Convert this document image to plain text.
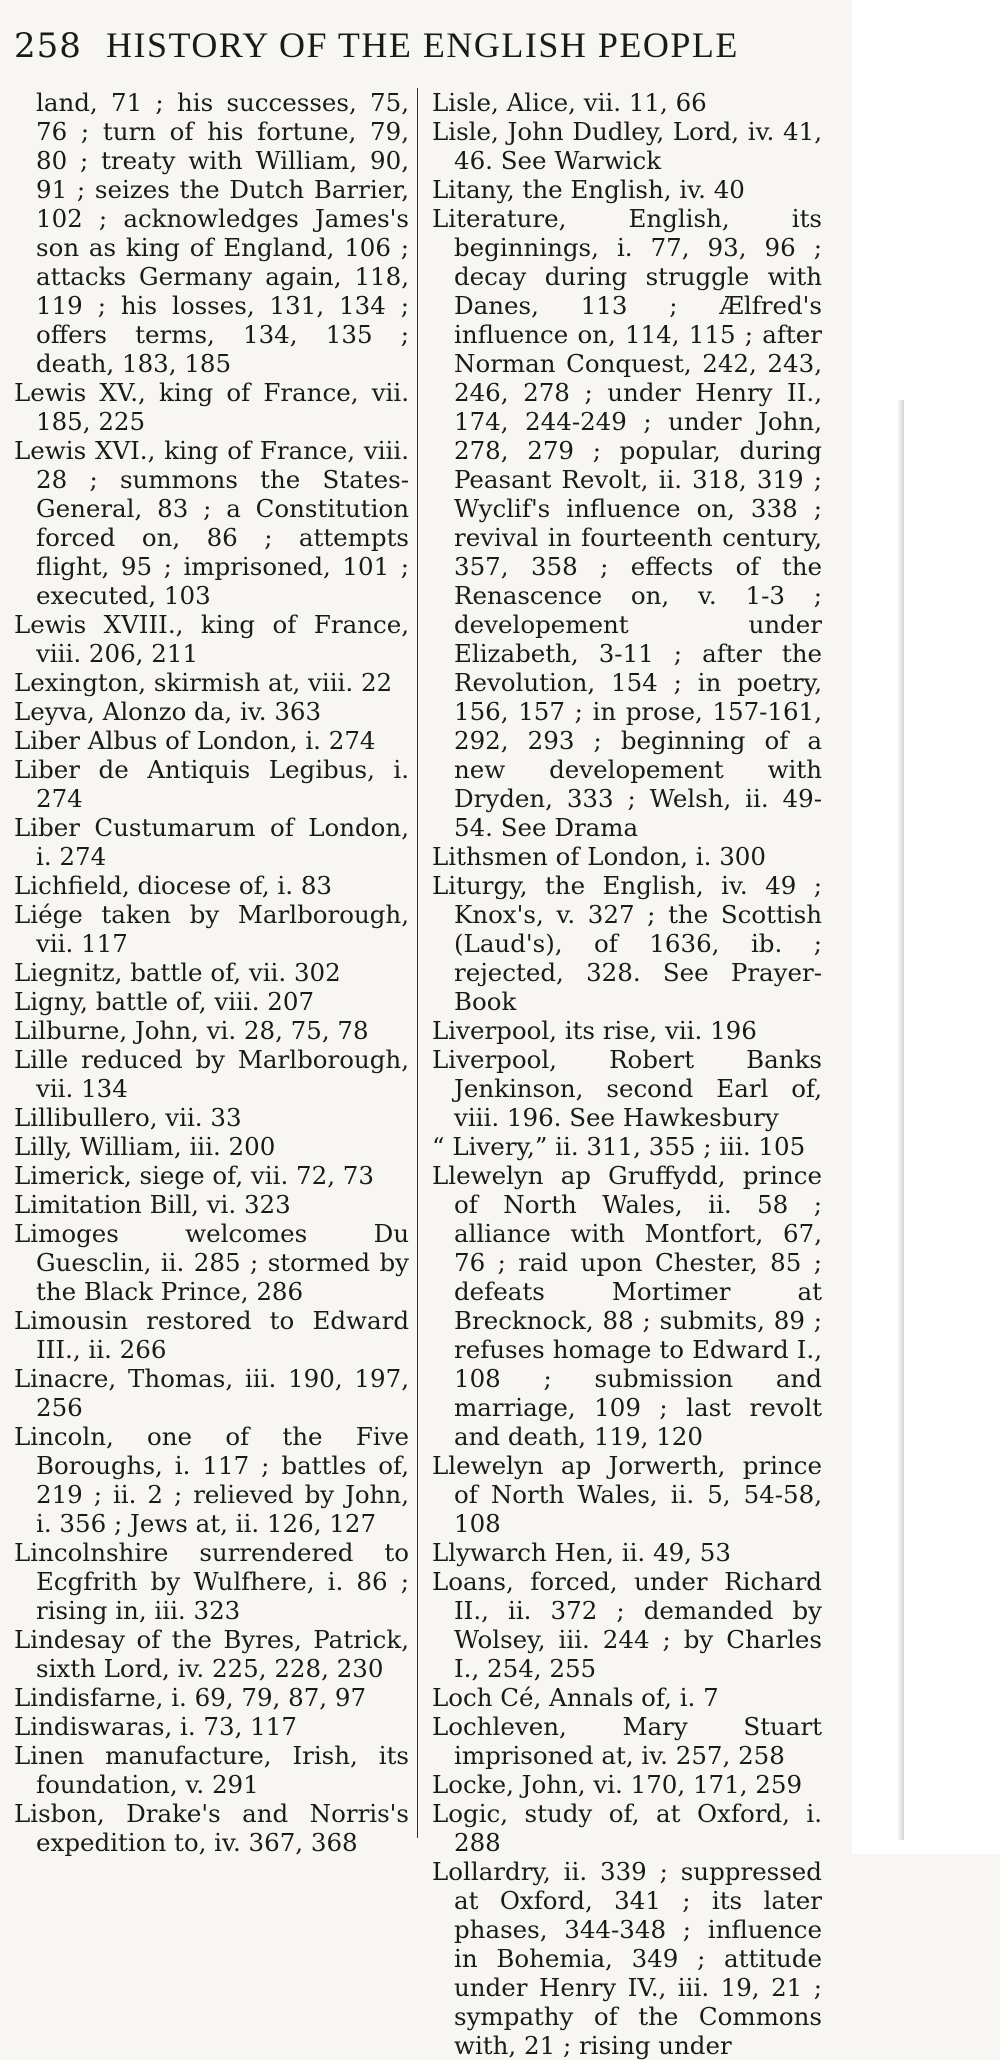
258 HISTORY OF THE ENGLISH PEOPLE

land, 71 ; his successes, 75, 76 ; turn of his fortune, 79, 80 ; treaty with William, 90, 91 ; seizes the Dutch Barrier, 102 ; acknowledges James's son as king of England, 106 ; attacks Germany again, 118, 119 ; his losses, 131, 134 ; offers terms, 134, 135 ; death, 183, 185

Lewis XV., king of France, vii. 185, 225

Lewis XVI., king of France, viii. 28 ; summons the States-General, 83 ; a Constitution forced on, 86 ; attempts flight, 95 ; imprisoned, 101 ; executed, 103

Lewis XVIII., king of France, viii. 206, 211

Lexington, skirmish at, viii. 22

Leyva, Alonzo da, iv. 363

Liber Albus of London, i. 274

Liber de Antiquis Legibus, i. 274

Liber Custumarum of London, i. 274

Lichfield, diocese of, i. 83

Liége taken by Marlborough, vii. 117

Liegnitz, battle of, vii. 302

Ligny, battle of, viii. 207

Lilburne, John, vi. 28, 75, 78

Lille reduced by Marlborough, vii. 134

Lillibullero, vii. 33

Lilly, William, iii. 200

Limerick, siege of, vii. 72, 73

Limitation Bill, vi. 323

Limoges welcomes Du Guesclin, ii. 285 ; stormed by the Black Prince, 286

Limousin restored to Edward III., ii. 266

Linacre, Thomas, iii. 190, 197, 256

Lincoln, one of the Five Boroughs, i. 117 ; battles of, 219 ; ii. 2 ; relieved by John, i. 356 ; Jews at, ii. 126, 127

Lincolnshire surrendered to Ecgfrith by Wulfhere, i. 86 ; rising in, iii. 323

Lindesay of the Byres, Patrick, sixth Lord, iv. 225, 228, 230

Lindisfarne, i. 69, 79, 87, 97

Lindiswaras, i. 73, 117

Linen manufacture, Irish, its foundation, v. 291

Lisbon, Drake's and Norris's expedition to, iv. 367, 368

Lisle, Alice, vii. 11, 66

Lisle, John Dudley, Lord, iv. 41, 46. See Warwick

Litany, the English, iv. 40

Literature, English, its beginnings, i. 77, 93, 96 ; decay during struggle with Danes, 113 ; Ælfred's influence on, 114, 115 ; after Norman Conquest, 242, 243, 246, 278 ; under Henry II., 174, 244-249 ; under John, 278, 279 ; popular, during Peasant Revolt, ii. 318, 319 ; Wyclif's influence on, 338 ; revival in fourteenth century, 357, 358 ; effects of the Renascence on, v. 1-3 ; developement under Elizabeth, 3-11 ; after the Revolution, 154 ; in poetry, 156, 157 ; in prose, 157-161, 292, 293 ; beginning of a new developement with Dryden, 333 ; Welsh, ii. 49-54. See Drama

Lithsmen of London, i. 300

Liturgy, the English, iv. 49 ; Knox's, v. 327 ; the Scottish (Laud's), of 1636, ib. ; rejected, 328. See Prayer-Book

Liverpool, its rise, vii. 196

Liverpool, Robert Banks Jenkinson, second Earl of, viii. 196. See Hawkesbury

“ Livery,” ii. 311, 355 ; iii. 105

Llewelyn ap Gruffydd, prince of North Wales, ii. 58 ; alliance with Montfort, 67, 76 ; raid upon Chester, 85 ; defeats Mortimer at Brecknock, 88 ; submits, 89 ; refuses homage to Edward I., 108 ; submission and marriage, 109 ; last revolt and death, 119, 120

Llewelyn ap Jorwerth, prince of North Wales, ii. 5, 54-58, 108

Llywarch Hen, ii. 49, 53

Loans, forced, under Richard II., ii. 372 ; demanded by Wolsey, iii. 244 ; by Charles I., 254, 255

Loch Cé, Annals of, i. 7

Lochleven, Mary Stuart imprisoned at, iv. 257, 258

Locke, John, vi. 170, 171, 259

Logic, study of, at Oxford, i. 288

Lollardry, ii. 339 ; suppressed at Oxford, 341 ; its later phases, 344-348 ; influence in Bohemia, 349 ; attitude under Henry IV., iii. 19, 21 ; sympathy of the Commons with, 21 ; rising under
